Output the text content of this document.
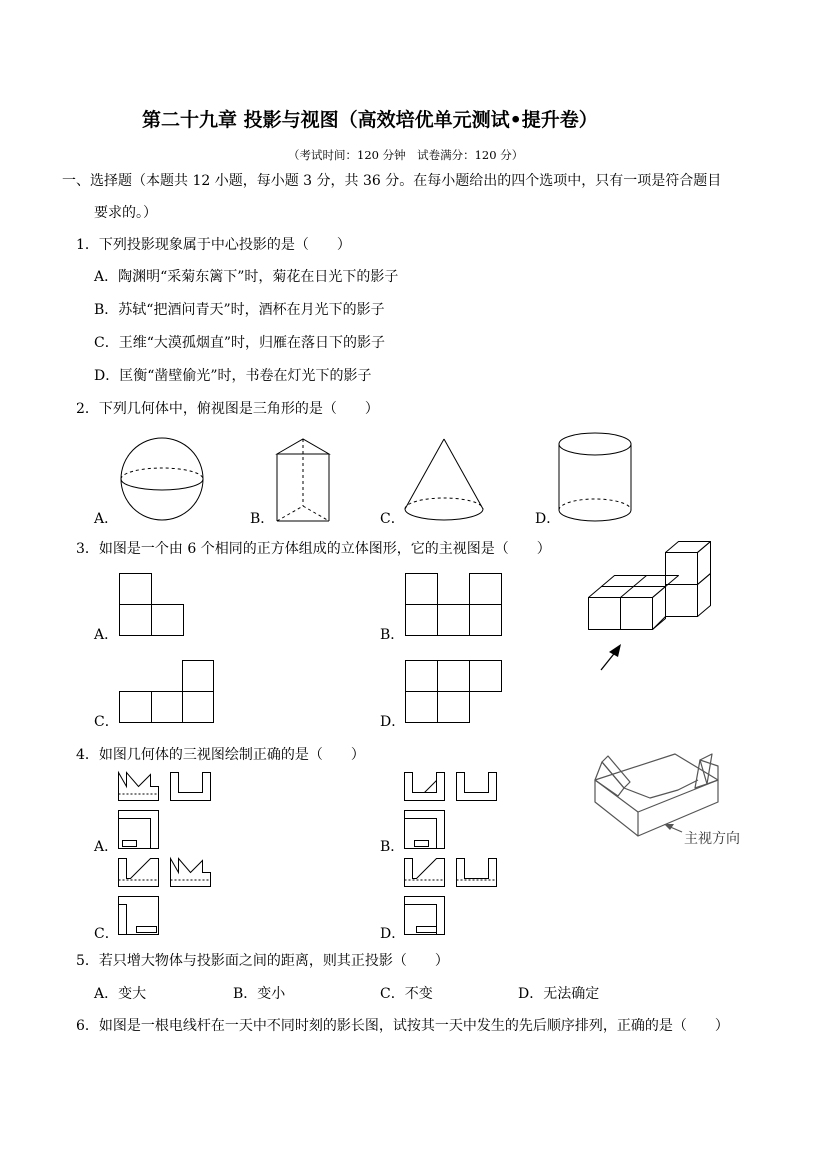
第二十九章 投影与视图（高效培优单元测试•提升卷）
（考试时间：120 分钟　试卷满分：120 分）
一、选择题（本题共 12 小题，每小题 3 分，共 36 分。在每小题给出的四个选项中，只有一项是符合题目
要求的。）
1．下列投影现象属于中心投影的是（　　）
A．陶渊明“采菊东篱下”时，菊花在日光下的影子
B．苏轼“把酒问青天”时，酒杯在月光下的影子
C．王维“大漠孤烟直”时，归雁在落日下的影子
D．匡衡“凿壁偷光”时，书卷在灯光下的影子
2．下列几何体中，俯视图是三角形的是（　　）
A．	B．	C．	D．
3．如图是一个由 6 个相同的正方体组成的立体图形，它的主视图是（　　）
A．	B．
C．	D．
4．如图几何体的三视图绘制正确的是（　　）
A．	B．
C．	D．
主视方向
5．若只增大物体与投影面之间的距离，则其正投影（　　）
A．变大	B．变小	C．不变	D．无法确定
6．如图是一根电线杆在一天中不同时刻的影长图，试按其一天中发生的先后顺序排列，正确的是（　　）
